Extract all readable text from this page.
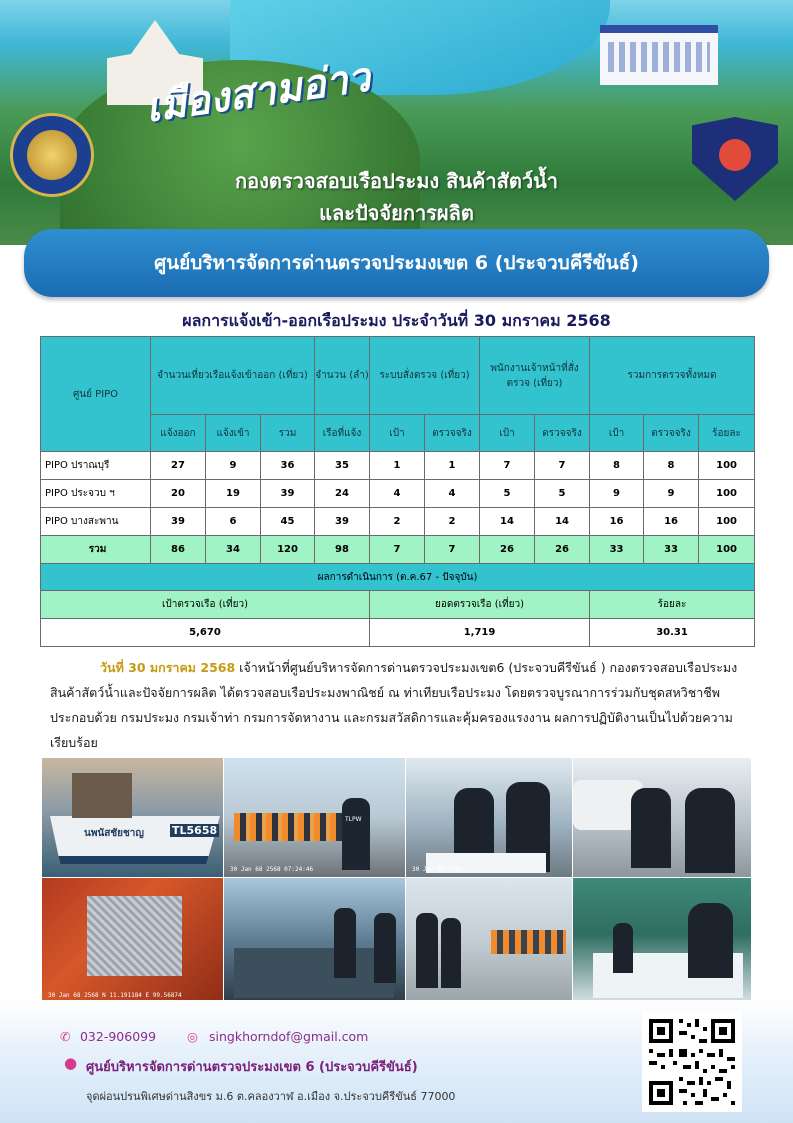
เมืองสามอ่าว
กองตรวจสอบเรือประมง สินค้าสัตว์น้ำ
และปัจจัยการผลิต
ศูนย์บริหารจัดการด่านตรวจประมงเขต 6 (ประจวบคีรีขันธ์)
ผลการแจ้งเข้า-ออกเรือประมง ประจำวันที่ 30 มกราคม 2568
ศูนย์ PIPO	จำนวนเที่ยวเรือแจ้งเข้าออก (เที่ยว)			จำนวน (ลำ)	ระบบสั่งตรวจ (เที่ยว)		พนักงานเจ้าหน้าที่สั่งตรวจ (เที่ยว)		รวมการตรวจทั้งหมด		
	แจ้งออก	แจ้งเข้า	รวม	เรือที่แจ้ง	เป้า	ตรวจจริง	เป้า	ตรวจจริง	เป้า	ตรวจจริง	ร้อยละ
PIPO ปราณบุรี	27	9	36	35	1	1	7	7	8	8	100
PIPO ประจวบ ฯ	20	19	39	24	4	4	5	5	9	9	100
PIPO บางสะพาน	39	6	45	39	2	2	14	14	16	16	100
รวม	86	34	120	98	7	7	26	26	33	33	100
ผลการดำเนินการ (ต.ค.67 - ปัจจุบัน)											
เป้าตรวจเรือ (เที่ยว)					ยอดตรวจเรือ (เที่ยว)				ร้อยละ		
5,670					1,719				30.31		
วันที่ 30 มกราคม 2568 เจ้าหน้าที่ศูนย์บริหารจัดการด่านตรวจประมงเขต6 (ประจวบคีรีขันธ์ ) กองตรวจสอบเรือประมง สินค้าสัตว์น้ำและปัจจัยการผลิต ได้ตรวจสอบเรือประมงพาณิชย์ ณ ท่าเทียบเรือประมง โดยตรวจบูรณาการร่วมกับชุดสหวิชาชีพ ประกอบด้วย กรมประมง กรมเจ้าท่า กรมการจัดหางาน และกรมสวัสดิการและคุ้มครองแรงงาน ผลการปฏิบัติงานเป็นไปด้วยความเรียบร้อย
นพนัสชัยชาญ	TL5658
TLPW
30 Jan 68 2568 07:24:46	30 Jan 68 2568
30 Jan 68 2568 N 11.191184 E 99.56874
✆ 032-906099 ◎ singkhorndof@gmail.com
● ศูนย์บริหารจัดการด่านตรวจประมงเขต 6 (ประจวบคีรีขันธ์)
จุดผ่อนปรนพิเศษด่านสิงขร ม.6 ต.คลองวาฬ อ.เมือง จ.ประจวบคีรีขันธ์ 77000
